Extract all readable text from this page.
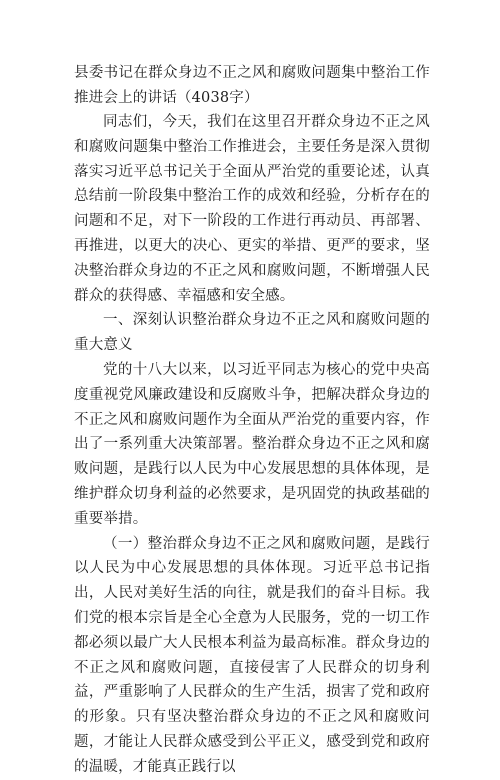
县委书记在群众身边不正之风和腐败问题集中整治工作推进会上的讲话（4038字）

同志们，今天，我们在这里召开群众身边不正之风和腐败问题集中整治工作推进会，主要任务是深入贯彻落实习近平总书记关于全面从严治党的重要论述，认真总结前一阶段集中整治工作的成效和经验，分析存在的问题和不足，对下一阶段的工作进行再动员、再部署、再推进，以更大的决心、更实的举措、更严的要求，坚决整治群众身边的不正之风和腐败问题，不断增强人民群众的获得感、幸福感和安全感。

一、深刻认识整治群众身边不正之风和腐败问题的重大意义

党的十八大以来，以习近平同志为核心的党中央高度重视党风廉政建设和反腐败斗争，把解决群众身边的不正之风和腐败问题作为全面从严治党的重要内容，作出了一系列重大决策部署。整治群众身边不正之风和腐败问题，是践行以人民为中心发展思想的具体体现，是维护群众切身利益的必然要求，是巩固党的执政基础的重要举措。

（一）整治群众身边不正之风和腐败问题，是践行以人民为中心发展思想的具体体现。习近平总书记指出，人民对美好生活的向往，就是我们的奋斗目标。我们党的根本宗旨是全心全意为人民服务，党的一切工作都必须以最广大人民根本利益为最高标准。群众身边的不正之风和腐败问题，直接侵害了人民群众的切身利益，严重影响了人民群众的生产生活，损害了党和政府的形象。只有坚决整治群众身边的不正之风和腐败问题，才能让人民群众感受到公平正义，感受到党和政府的温暖，才能真正践行以
